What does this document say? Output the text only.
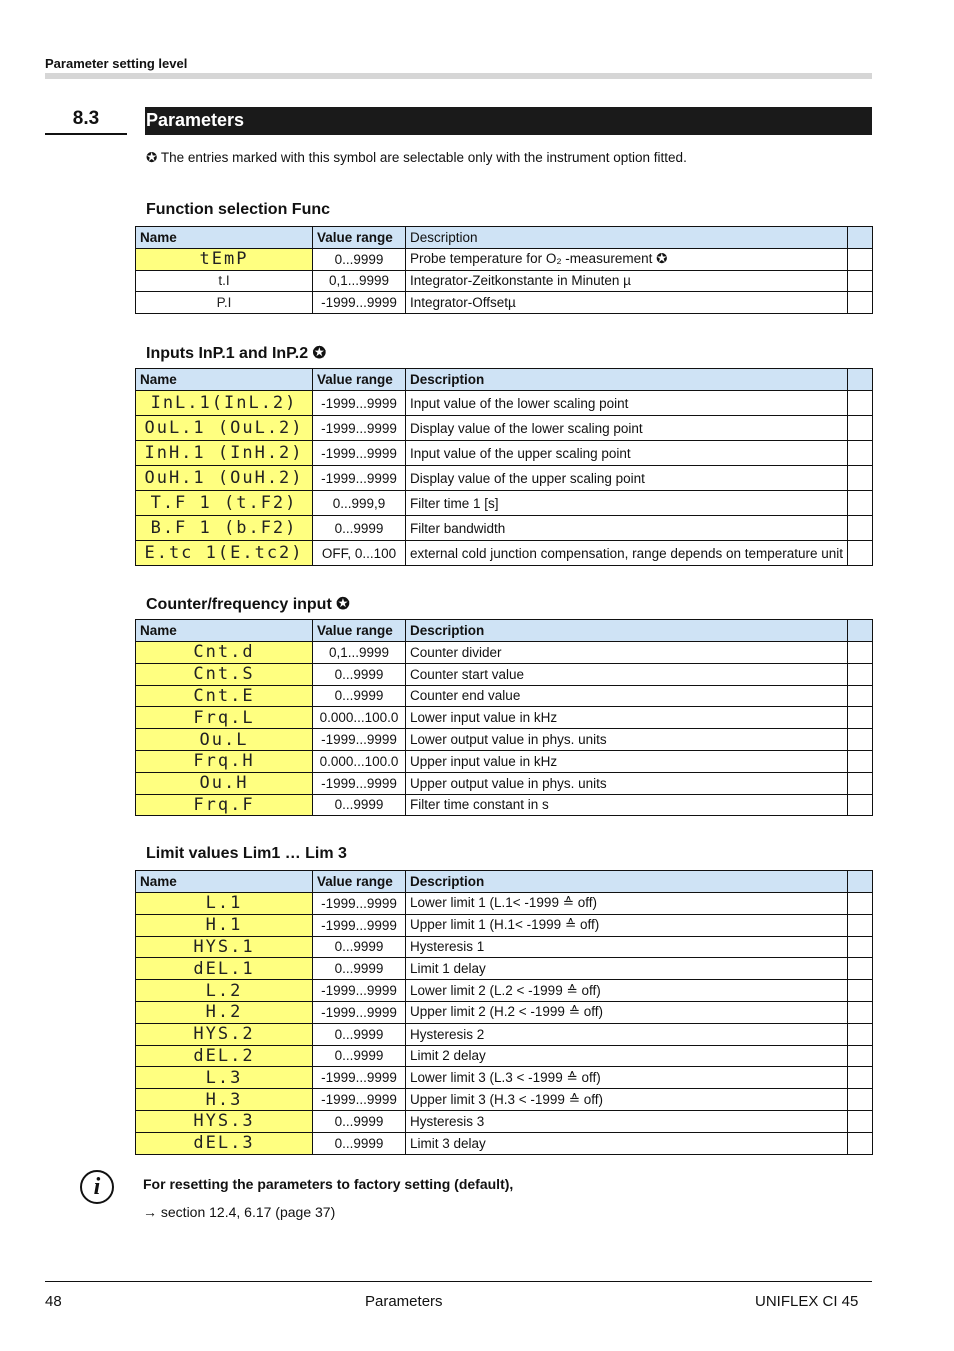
Parameter setting level
8.3	Parameters
✪ The entries marked with this symbol are selectable only with the instrument option fitted.
Function selection Func
Name	Value range	Description	
tEmP	0...9999	Probe temperature for O₂ -measurement ✪	
t.I	0,1...9999	Integrator-Zeitkonstante in Minuten µ	
P.I	-1999...9999	Integrator-Offsetµ	
Inputs InP.1 and InP.2 ✪
Name	Value range	Description	
InL.1(InL.2)	-1999...9999	Input value of the lower scaling point	
OuL.1 (OuL.2)	-1999...9999	Display value of the lower scaling point	
InH.1 (InH.2)	-1999...9999	Input value of the upper scaling point	
OuH.1 (OuH.2)	-1999...9999	Display value of the upper scaling point	
T.F 1 (t.F2)	0...999,9	Filter time 1 [s]	
B.F 1 (b.F2)	0...9999	Filter bandwidth	
E.tc 1(E.tc2)	OFF, 0...100	external cold junction compensation, range depends on temperature unit	
Counter/frequency input ✪
Name	Value range	Description	
Cnt.d	0,1...9999	Counter divider	
Cnt.S	0...9999	Counter start value	
Cnt.E	0...9999	Counter end value	
Frq.L	0.000...100.0	Lower input value in kHz	
Ou.L	-1999...9999	Lower output value in phys. units	
Frq.H	0.000...100.0	Upper input value in kHz	
Ou.H	-1999...9999	Upper output value in phys. units	
Frq.F	0...9999	Filter time constant in s	
Limit values Lim1 … Lim 3
Name	Value range	Description	
L.1	-1999...9999	Lower limit 1 (L.1< -1999 ≙ off)	
H.1	-1999...9999	Upper limit 1 (H.1< -1999 ≙ off)	
HYS.1	0...9999	Hysteresis 1	
dEL.1	0...9999	Limit 1 delay	
L.2	-1999...9999	Lower limit 2 (L.2 < -1999 ≙ off)	
H.2	-1999...9999	Upper limit 2 (H.2 < -1999 ≙ off)	
HYS.2	0...9999	Hysteresis 2	
dEL.2	0...9999	Limit 2 delay	
L.3	-1999...9999	Lower limit 3 (L.3 < -1999 ≙ off)	
H.3	-1999...9999	Upper limit 3 (H.3 < -1999 ≙ off)	
HYS.3	0...9999	Hysteresis 3	
dEL.3	0...9999	Limit 3 delay	
i	For resetting the parameters to factory setting (default),
→ section 12.4, 6.17 (page 37)
48	Parameters	UNIFLEX CI 45
